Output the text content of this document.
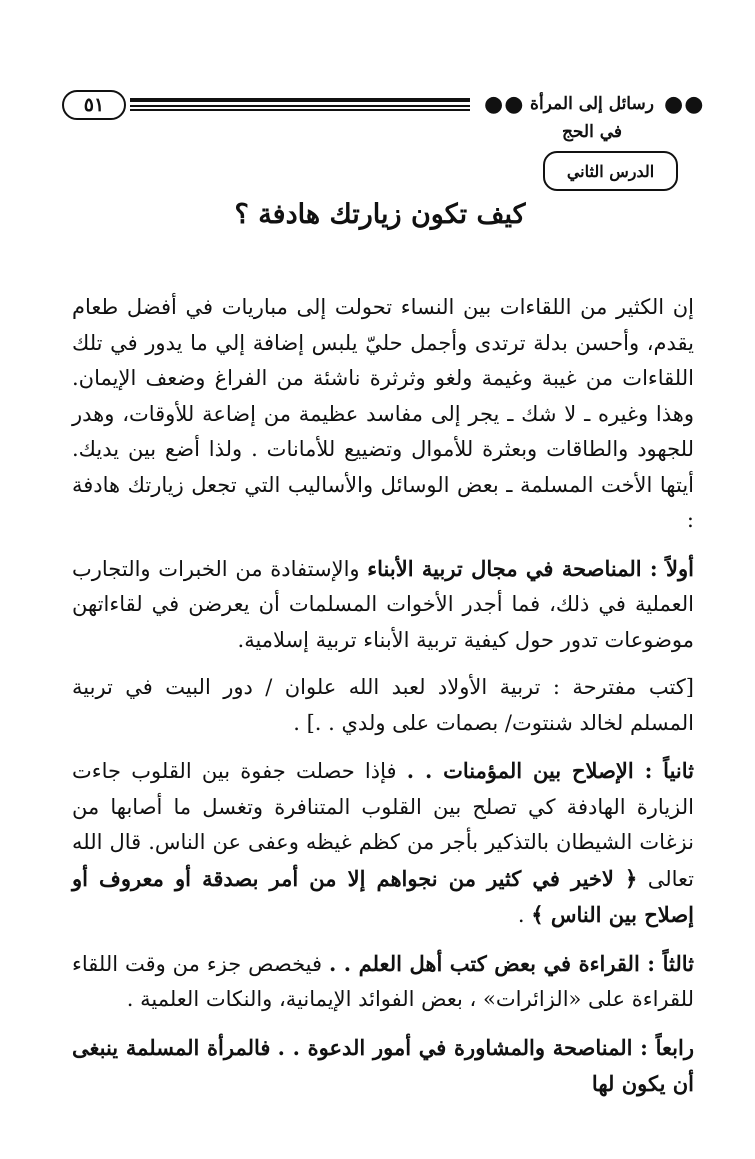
٥١	●● رسائل إلى المرأة في الحج
●●
الدرس الثاني
كيف تكون زيارتك هادفة ؟

إن الكثير من اللقاءات بين النساء تحولت إلى مباريات في أفضل طعام يقدم، وأحسن بدلة ترتدى وأجمل حليّ يلبس إضافة إلي ما يدور في تلك اللقاءات من غيبة وغيمة ولغو وثرثرة ناشئة من الفراغ وضعف الإيمان. وهذا وغيره ـ لا شك ـ يجر إلى مفاسد عظيمة من إضاعة للأوقات، وهدر للجهود والطاقات وبعثرة للأموال وتضييع للأمانات . ولذا أضع بين يديك. أيتها الأخت المسلمة ـ بعض الوسائل والأساليب التي تجعل زيارتك هادفة :

أولاً : المناصحة في مجال تربية الأبناء والإستفادة من الخبرات والتجارب العملية في ذلك، فما أجدر الأخوات المسلمات أن يعرضن في لقاءاتهن موضوعات تدور حول كيفية تربية الأبناء تربية إسلامية.

[كتب مفترحة : تربية الأولاد لعبد الله علوان / دور البيت في تربية المسلم لخالد شنتوت/ بصمات على ولدي . .] .

ثانياً : الإصلاح بين المؤمنات . . فإذا حصلت جفوة بين القلوب جاءت الزيارة الهادفة كي تصلح بين القلوب المتنافرة وتغسل ما أصابها من نزغات الشيطان بالتذكير بأجر من كظم غيظه وعفى عن الناس. قال الله تعالى ﴿ لاخير في كثير من نجواهم إلا من أمر بصدقة أو معروف أو إصلاح بين الناس ﴾ .

ثالثاً : القراءة في بعض كتب أهل العلم . . فيخصص جزء من وقت اللقاء للقراءة على «الزائرات» ، بعض الفوائد الإيمانية، والنكات العلمية .

رابعاً : المناصحة والمشاورة في أمور الدعوة . . فالمرأة المسلمة ينبغى أن يكون لها
